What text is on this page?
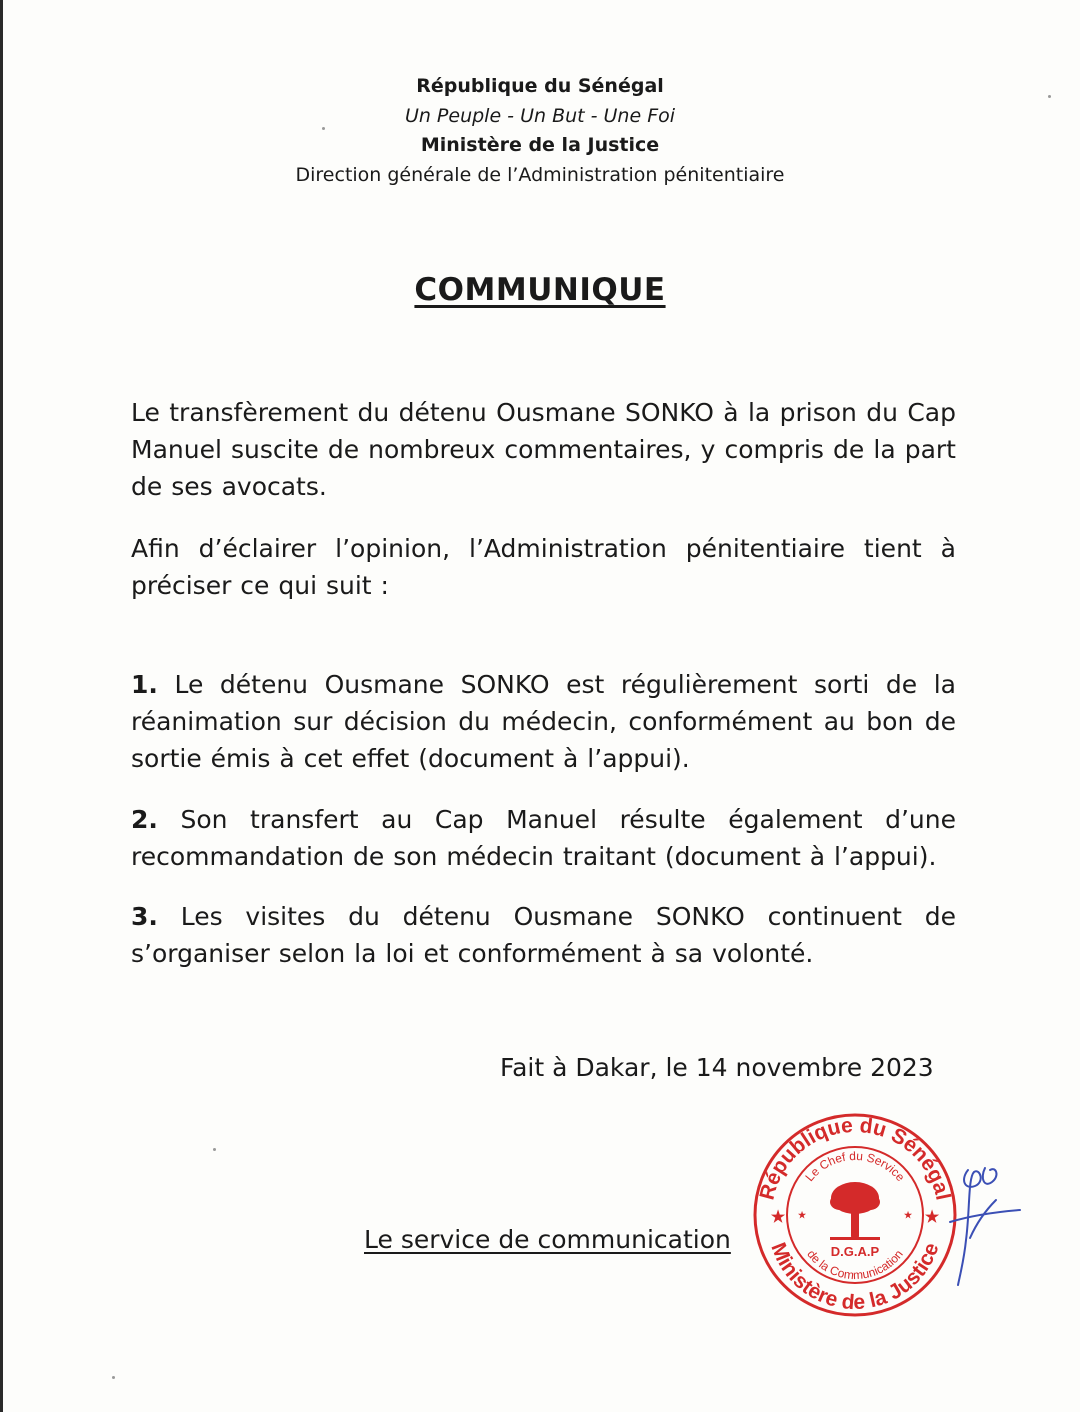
République du Sénégal
Un Peuple - Un But - Une Foi
Ministère de la Justice
Direction générale de l’Administration pénitentiaire
COMMUNIQUE
Le transfèrement du détenu Ousmane SONKO à la prison du Cap Manuel suscite de nombreux commentaires, y compris de la part de ses avocats.
Afin d’éclairer l’opinion, l’Administration pénitentiaire tient à préciser ce qui suit :
1. Le détenu Ousmane SONKO est régulièrement sorti de la réanimation sur décision du médecin, conformément au bon de sortie émis à cet effet (document à l’appui).
2. Son transfert au Cap Manuel résulte également d’une recommandation de son médecin traitant (document à l’appui).
3. Les visites du détenu Ousmane SONKO continuent de s’organiser selon la loi et conformément à sa volonté.
Fait à Dakar, le 14 novembre 2023
Le service de communication
République du Sénégal
Ministère de la Justice
Le Chef du Service
de la Communication
D.G.A.P
★	★
★	★
